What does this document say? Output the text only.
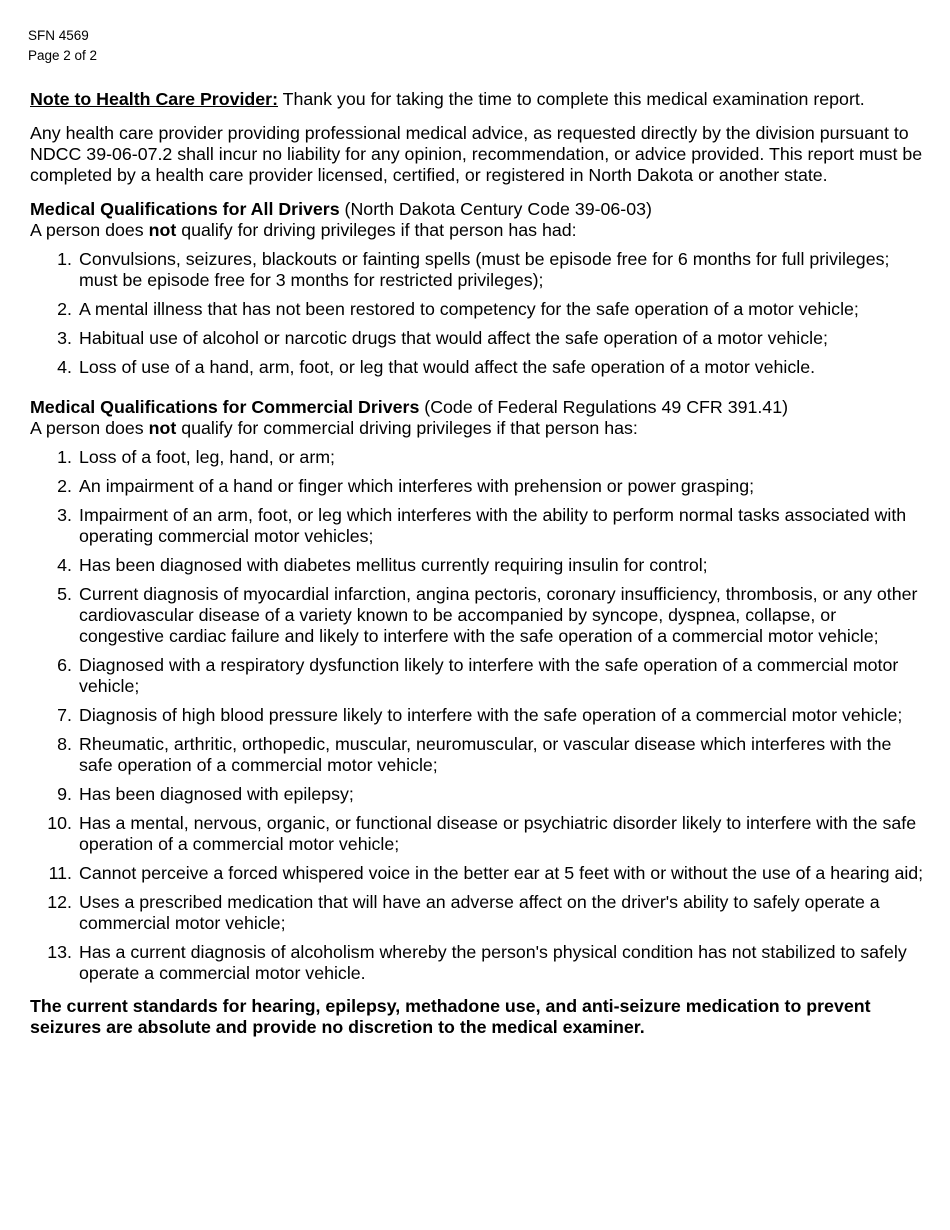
SFN 4569
Page 2 of 2

Note to Health Care Provider: Thank you for taking the time to complete this medical examination report.

Any health care provider providing professional medical advice, as requested directly by the division pursuant to NDCC 39-06-07.2 shall incur no liability for any opinion, recommendation, or advice provided. This report must be completed by a health care provider licensed, certified, or registered in North Dakota or another state.

Medical Qualifications for All Drivers (North Dakota Century Code 39-06-03)

A person does not qualify for driving privileges if that person has had:

1. Convulsions, seizures, blackouts or fainting spells (must be episode free for 6 months for full privileges; must be episode free for 3 months for restricted privileges);
2. A mental illness that has not been restored to competency for the safe operation of a motor vehicle;
3. Habitual use of alcohol or narcotic drugs that would affect the safe operation of a motor vehicle;
4. Loss of use of a hand, arm, foot, or leg that would affect the safe operation of a motor vehicle.

Medical Qualifications for Commercial Drivers (Code of Federal Regulations 49 CFR 391.41)

A person does not qualify for commercial driving privileges if that person has:

1. Loss of a foot, leg, hand, or arm;
2. An impairment of a hand or finger which interferes with prehension or power grasping;
3. Impairment of an arm, foot, or leg which interferes with the ability to perform normal tasks associated with operating commercial motor vehicles;
4. Has been diagnosed with diabetes mellitus currently requiring insulin for control;
5. Current diagnosis of myocardial infarction, angina pectoris, coronary insufficiency, thrombosis, or any other cardiovascular disease of a variety known to be accompanied by syncope, dyspnea, collapse, or congestive cardiac failure and likely to interfere with the safe operation of a commercial motor vehicle;
6. Diagnosed with a respiratory dysfunction likely to interfere with the safe operation of a commercial motor vehicle;
7. Diagnosis of high blood pressure likely to interfere with the safe operation of a commercial motor vehicle;
8. Rheumatic, arthritic, orthopedic, muscular, neuromuscular, or vascular disease which interferes with the safe operation of a commercial motor vehicle;
9. Has been diagnosed with epilepsy;
10. Has a mental, nervous, organic, or functional disease or psychiatric disorder likely to interfere with the safe operation of a commercial motor vehicle;
11. Cannot perceive a forced whispered voice in the better ear at 5 feet with or without the use of a hearing aid;
12. Uses a prescribed medication that will have an adverse affect on the driver's ability to safely operate a commercial motor vehicle;
13. Has a current diagnosis of alcoholism whereby the person's physical condition has not stabilized to safely operate a commercial motor vehicle.

The current standards for hearing, epilepsy, methadone use, and anti-seizure medication to prevent seizures are absolute and provide no discretion to the medical examiner.
